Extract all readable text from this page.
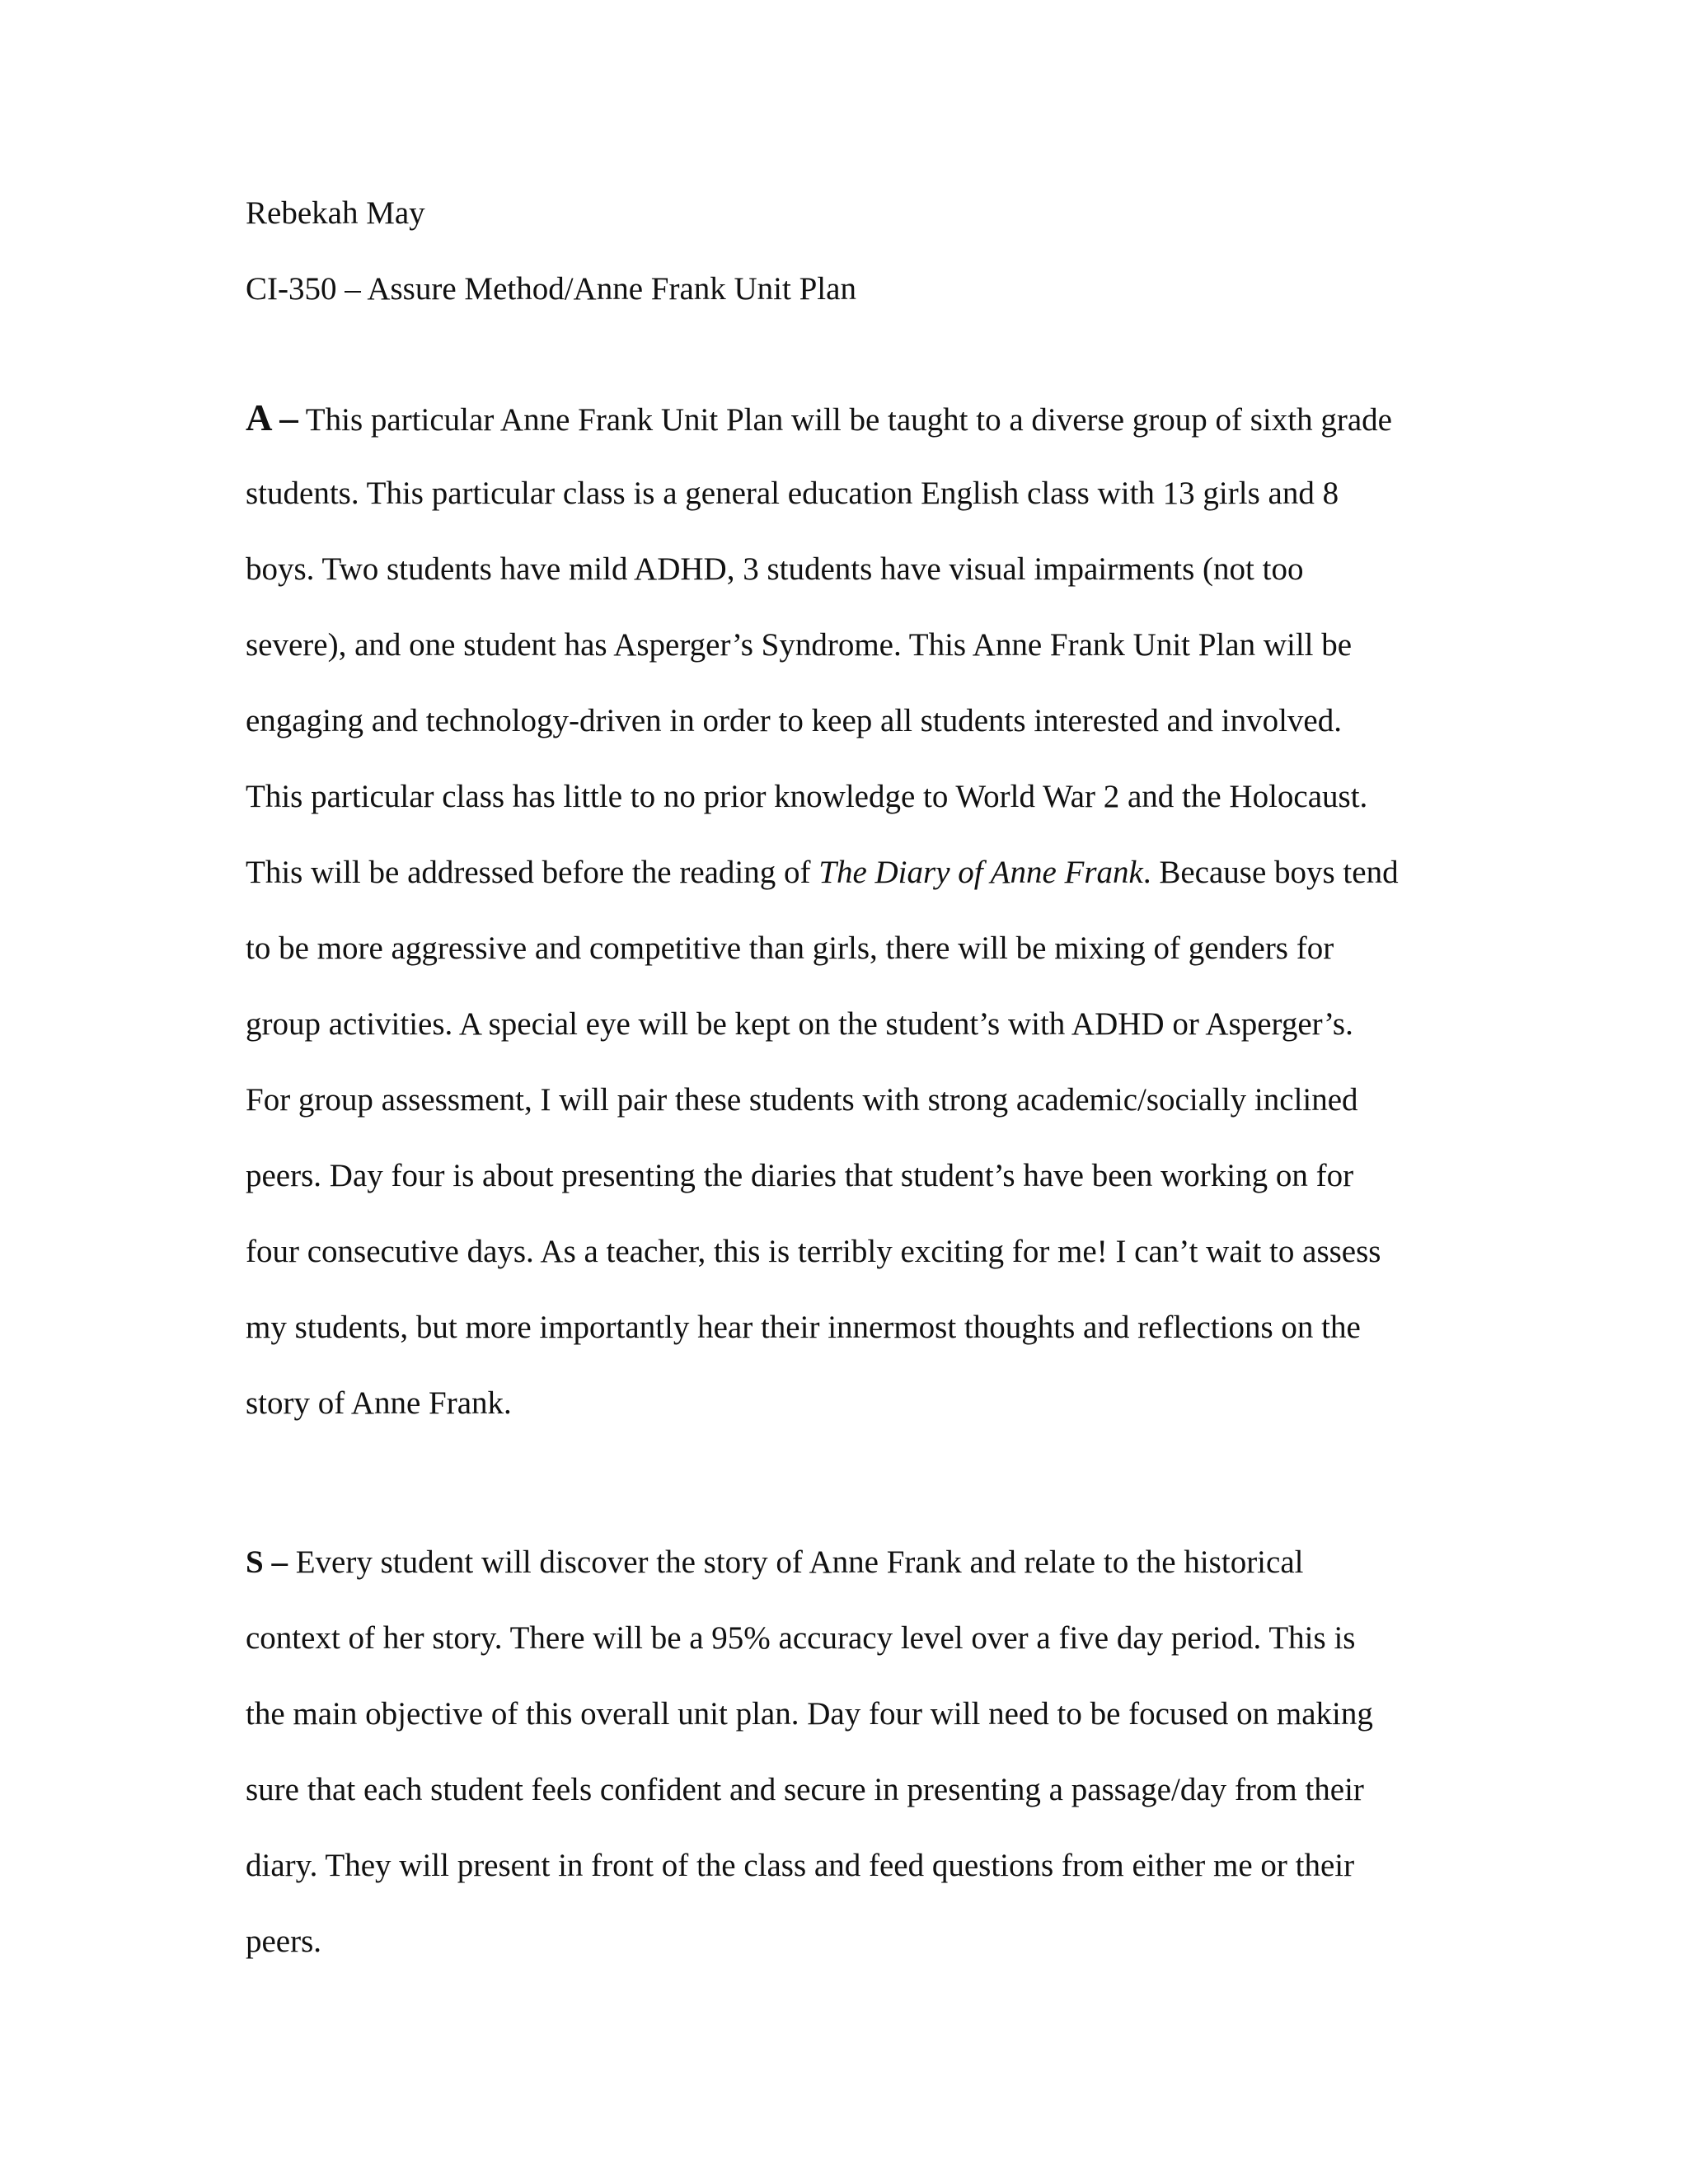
Rebekah May
CI-350 – Assure Method/Anne Frank Unit Plan
A – This particular Anne Frank Unit Plan will be taught to a diverse group of sixth grade
students. This particular class is a general education English class with 13 girls and 8
boys. Two students have mild ADHD, 3 students have visual impairments (not too
severe), and one student has Asperger’s Syndrome. This Anne Frank Unit Plan will be
engaging and technology-driven in order to keep all students interested and involved.
This particular class has little to no prior knowledge to World War 2 and the Holocaust.
This will be addressed before the reading of The Diary of Anne Frank. Because boys tend
to be more aggressive and competitive than girls, there will be mixing of genders for
group activities. A special eye will be kept on the student’s with ADHD or Asperger’s.
For group assessment, I will pair these students with strong academic/socially inclined
peers. Day four is about presenting the diaries that student’s have been working on for
four consecutive days. As a teacher, this is terribly exciting for me! I can’t wait to assess
my students, but more importantly hear their innermost thoughts and reflections on the
story of Anne Frank.
S – Every student will discover the story of Anne Frank and relate to the historical
context of her story. There will be a 95% accuracy level over a five day period. This is
the main objective of this overall unit plan. Day four will need to be focused on making
sure that each student feels confident and secure in presenting a passage/day from their
diary. They will present in front of the class and feed questions from either me or their
peers.
